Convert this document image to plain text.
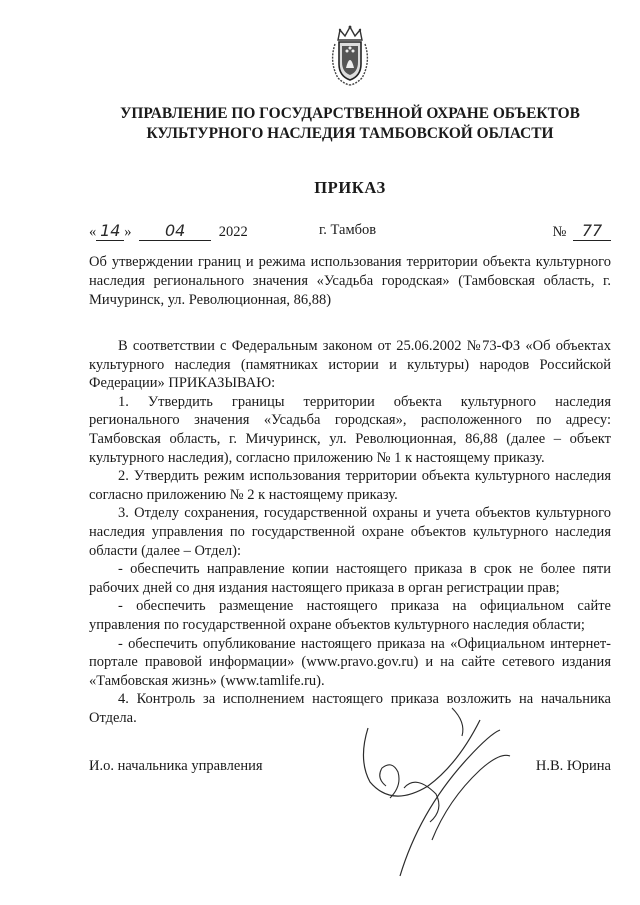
УПРАВЛЕНИЕ ПО ГОСУДАРСТВЕННОЙ ОХРАНЕ ОБЪЕКТОВ
КУЛЬТУРНОГО НАСЛЕДИЯ ТАМБОВСКОЙ ОБЛАСТИ
ПРИКАЗ
« 14 » 04 2022	г. Тамбов	№ 77
Об утверждении границ и режима использования территории объекта культурного наследия регионального значения «Усадьба городская» (Тамбовская область, г. Мичуринск, ул. Революционная, 86,88)

В соответствии с Федеральным законом от 25.06.2002 №73-ФЗ «Об объектах культурного наследия (памятниках истории и культуры) народов Российской Федерации» ПРИКАЗЫВАЮ:

1. Утвердить границы территории объекта культурного наследия регионального значения «Усадьба городская», расположенного по адресу: Тамбовская область, г. Мичуринск, ул. Революционная, 86,88 (далее – объект культурного наследия), согласно приложению № 1 к настоящему приказу.

2. Утвердить режим использования территории объекта культурного наследия согласно приложению № 2 к настоящему приказу.

3. Отделу сохранения, государственной охраны и учета объектов культурного наследия управления по государственной охране объектов культурного наследия области (далее – Отдел):

- обеспечить направление копии настоящего приказа в срок не более пяти рабочих дней со дня издания настоящего приказа в орган регистрации прав;

- обеспечить размещение настоящего приказа на официальном сайте управления по государственной охране объектов культурного наследия области;

- обеспечить опубликование настоящего приказа на «Официальном интернет-портале правовой информации» (www.pravo.gov.ru) и на сайте сетевого издания «Тамбовская жизнь» (www.tamlife.ru).

4. Контроль за исполнением настоящего приказа возложить на начальника Отдела.

И.о. начальника управления	Н.В. Юрина
